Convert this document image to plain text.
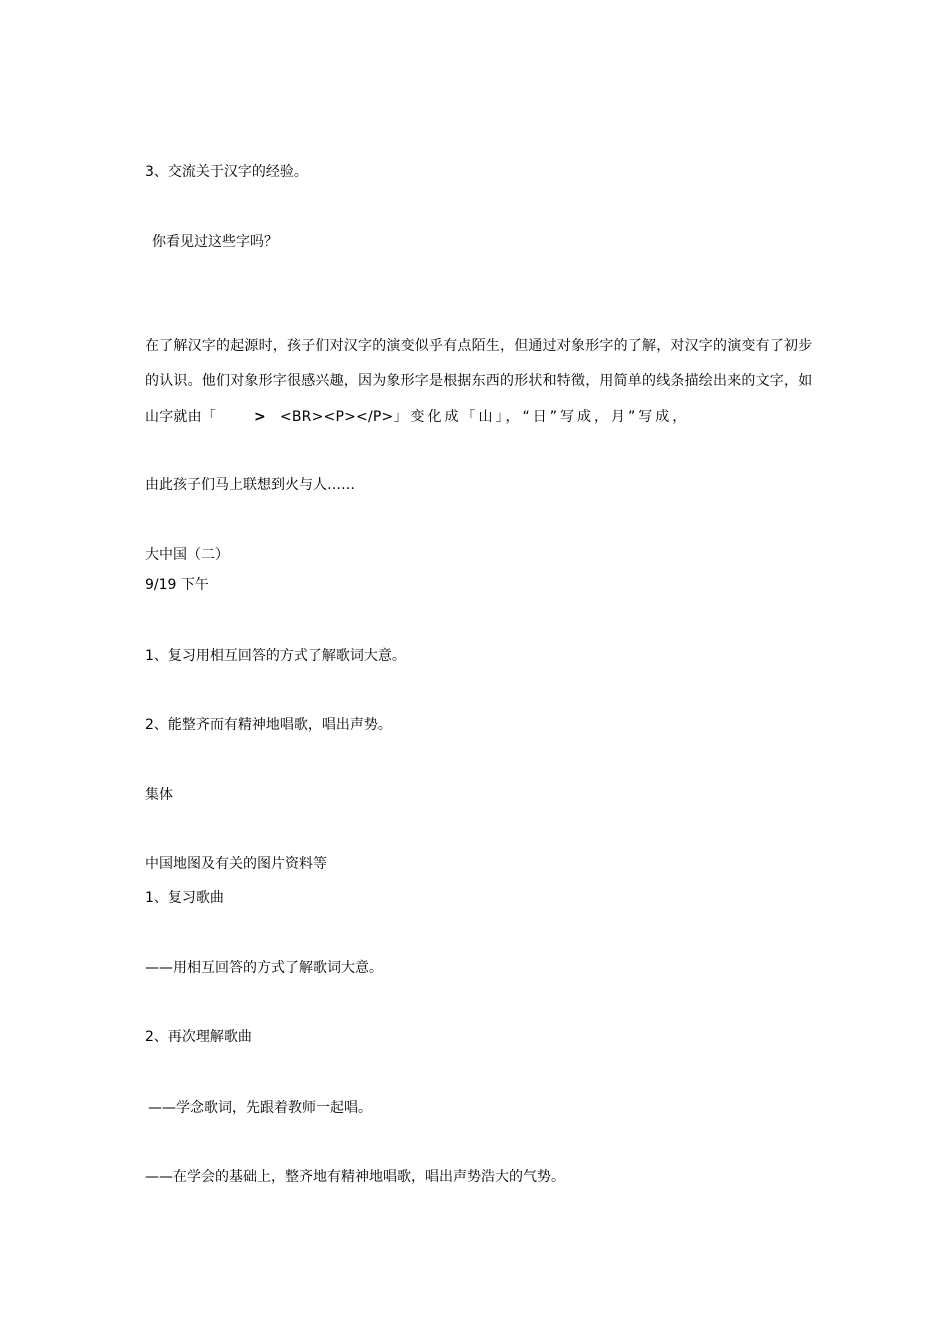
3、交流关于汉字的经验。
你看见过这些字吗？
在了解汉字的起源时，孩子们对汉字的演变似乎有点陌生，但通过对象形字的了解，对汉字的演变有了初步
的认识。他们对象形字很感兴趣，因为象形字是根据东西的形状和特徵，用简单的线条描绘出来的文字，如
山字就由「	> <BR><P></P>」变化成「山」，“日”写成，月”写成，
由此孩子们马上联想到火与人……
大中国（二）
9/19 下午
1、复习用相互回答的方式了解歌词大意。
2、能整齐而有精神地唱歌，唱出声势。
集体
中国地图及有关的图片资料等
1、复习歌曲
——用相互回答的方式了解歌词大意。
2、再次理解歌曲
——学念歌词，先跟着教师一起唱。
——在学会的基础上，整齐地有精神地唱歌，唱出声势浩大的气势。
